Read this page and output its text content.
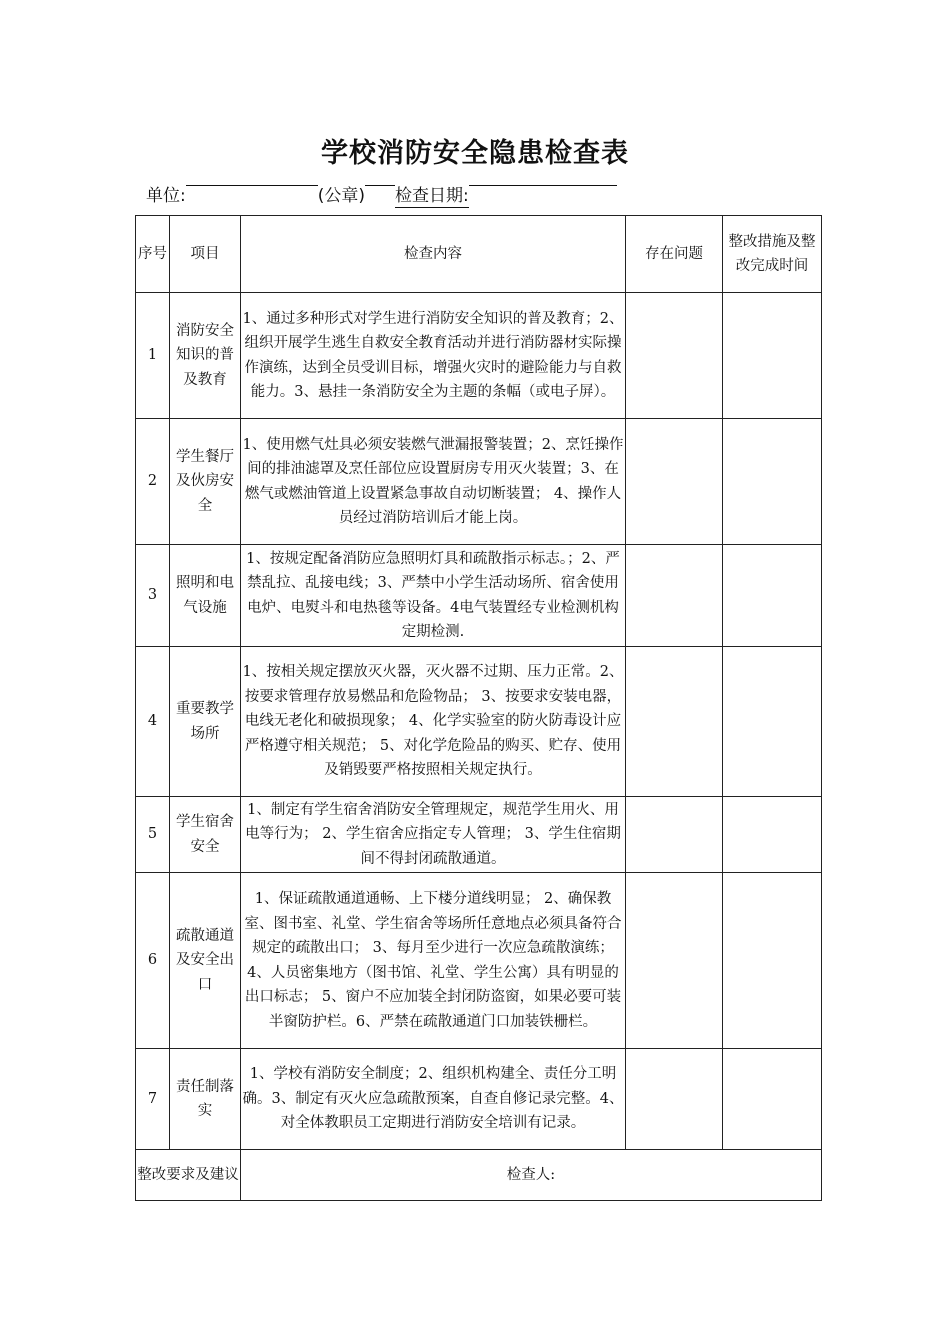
学校消防安全隐患检查表
单位:	(公章) 检查日期:
序号	项目	检查内容	存在问题	整改措施及整改完成时间
1	消防安全知识的普及教育	1、通过多种形式对学生进行消防安全知识的普及教育；2、组织开展学生逃生自救安全教育活动并进行消防器材实际操作演练，达到全员受训目标，增强火灾时的避险能力与自救能力。3、悬挂一条消防安全为主题的条幅（或电子屏）。		
2	学生餐厅及伙房安全	1、使用燃气灶具必须安装燃气泄漏报警装置；2、烹饪操作间的排油滤罩及烹任部位应设置厨房专用灭火装置；3、在燃气或燃油管道上设置紧急事故自动切断装置； 4、操作人员经过消防培训后才能上岗。		
3	照明和电气设施	1、按规定配备消防应急照明灯具和疏散指示标志。；2、严禁乱拉、乱接电线；3、严禁中小学生活动场所、宿舍使用电炉、电熨斗和电热毯等设备。4电气装置经专业检测机构定期检测.		
4	重要教学场所	1、按相关规定摆放灭火器，灭火器不过期、压力正常。2、按要求管理存放易燃品和危险物品； 3、按要求安装电器，电线无老化和破损现象； 4、化学实验室的防火防毒设计应严格遵守相关规范； 5、对化学危险品的购买、贮存、使用及销毁要严格按照相关规定执行。		
5	学生宿舍安全	1、制定有学生宿舍消防安全管理规定，规范学生用火、用电等行为； 2、学生宿舍应指定专人管理； 3、学生住宿期间不得封闭疏散通道。		
6	疏散通道及安全出口	1、保证疏散通道通畅、上下楼分道线明显； 2、确保教室、图书室、礼堂、学生宿舍等场所任意地点必须具备符合规定的疏散出口； 3、每月至少进行一次应急疏散演练； 4、人员密集地方（图书馆、礼堂、学生公寓）具有明显的出口标志； 5、窗户不应加装全封闭防盗窗，如果必要可装半窗防护栏。6、严禁在疏散通道门口加装铁栅栏。		
7	责任制落实	1、学校有消防安全制度；2、组织机构建全、责任分工明确。3、制定有灭火应急疏散预案，自查自修记录完整。4、对全体教职员工定期进行消防安全培训有记录。		
整改要求及建议		检查人:		
